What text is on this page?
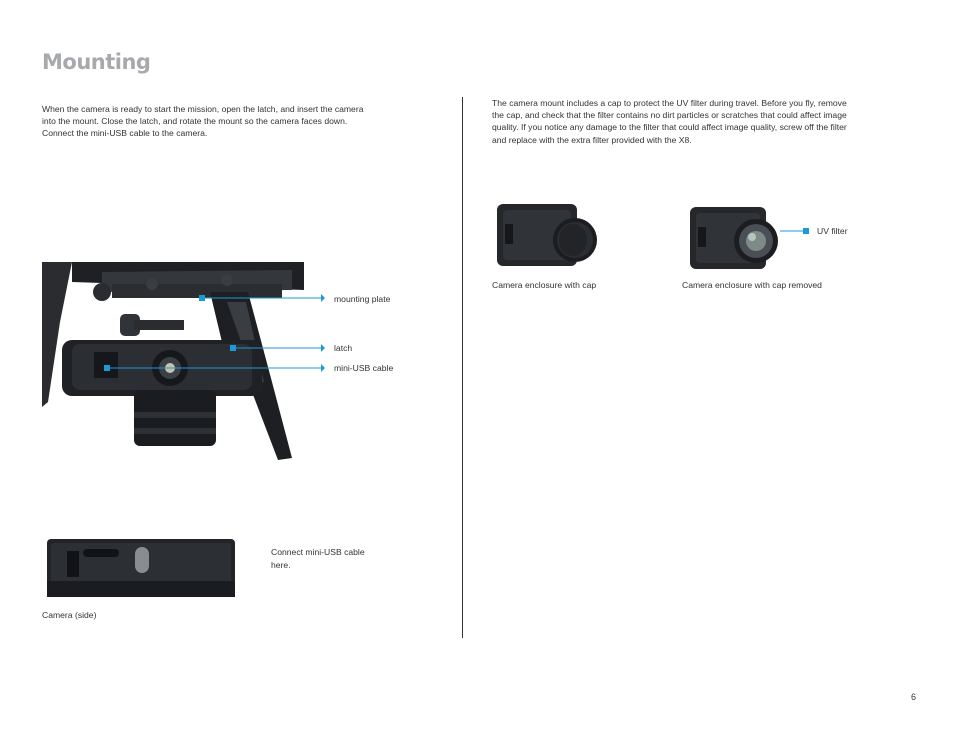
Mounting
When the camera is ready to start the mission, open the latch, and insert the camera into the mount. Close the latch, and rotate the mount so the camera faces down. Connect the mini-USB cable to the camera.
The camera mount includes a cap to protect the UV filter during travel. Before you fly, remove the cap, and check that the filter contains no dirt particles or scratches that could affect image quality. If you notice any damage to the filter that could affect image quality, screw off the filter and replace with the extra filter provided with the X8.
mounting plate
latch
mini-USB cable
Connect mini-USB cable here.
Camera (side)
Camera enclosure with cap	Camera enclosure with cap removed
UV filter
6
